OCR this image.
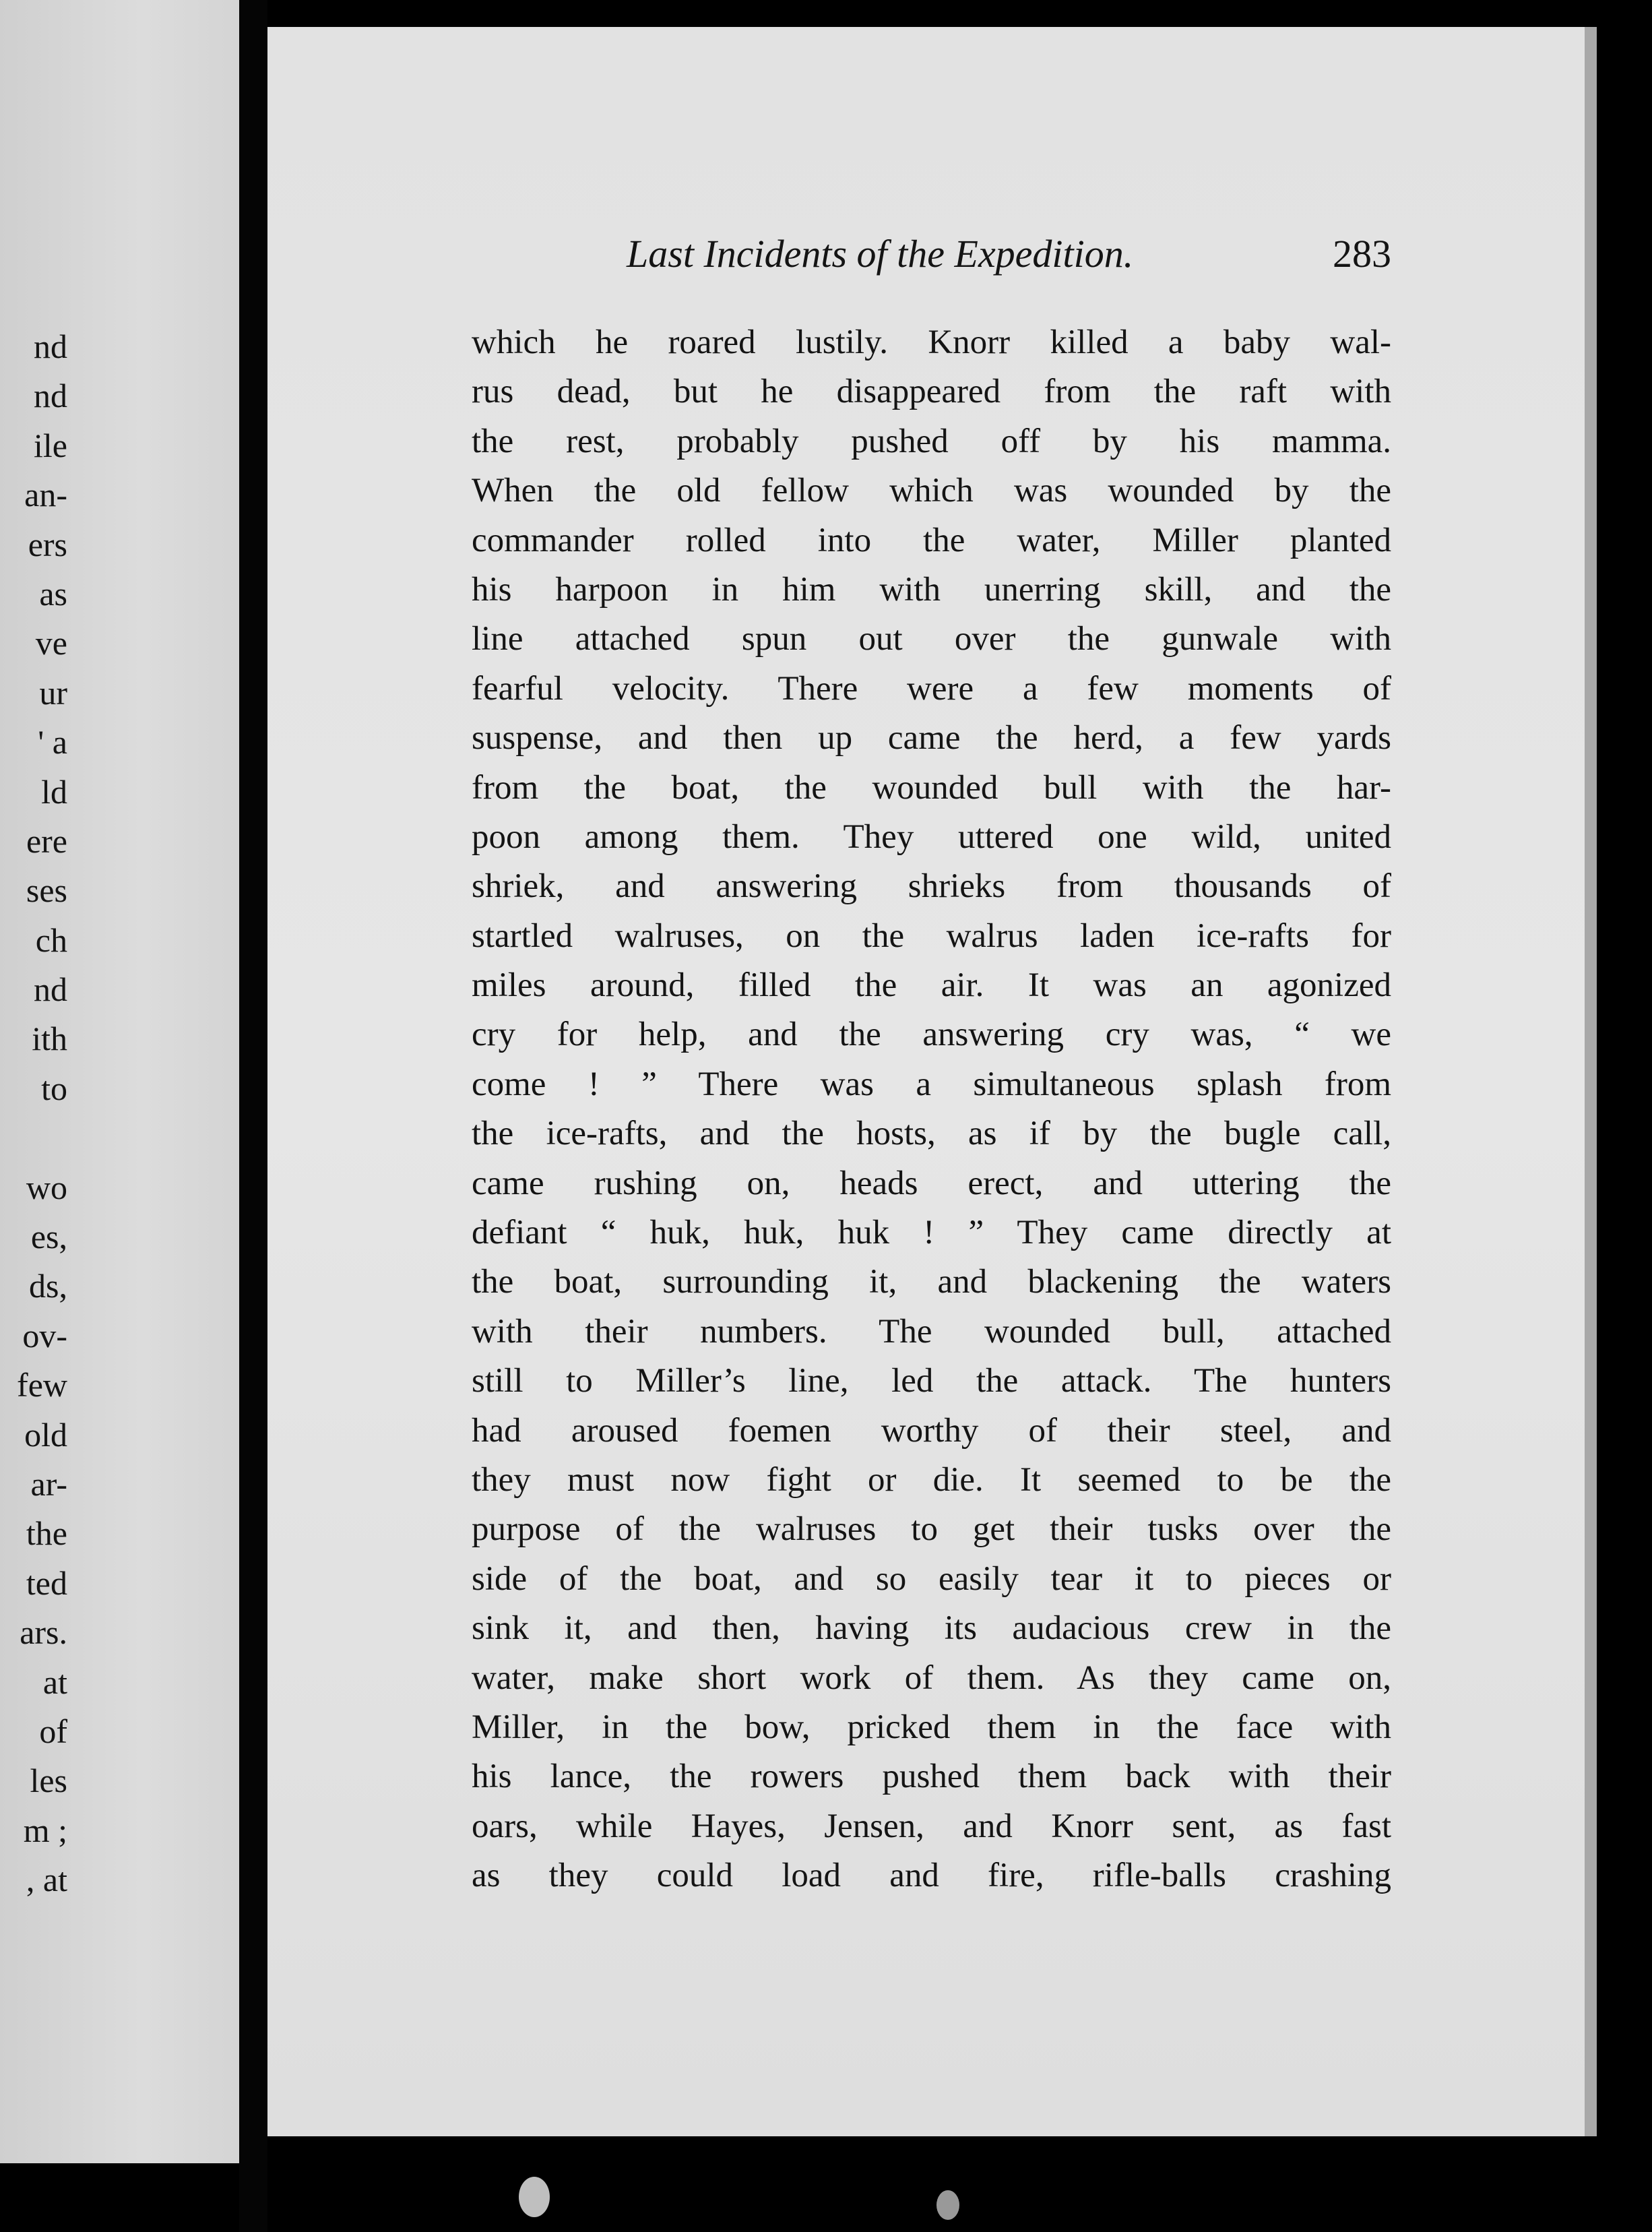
nd
nd
ile
an-
ers
as
ve
ur
' a
ld
ere
ses
ch
nd
ith
to
wo
es,
ds,
ov-
few
old
ar-
the
ted
ars.
at
of
les
m ;
, at
Last Incidents of the Expedition.	283
which he roared lustily. Knorr killed a baby wal-
rus dead, but he disappeared from the raft with
the rest, probably pushed off by his mamma.
When the old fellow which was wounded by the
commander rolled into the water, Miller planted
his harpoon in him with unerring skill, and the
line attached spun out over the gunwale with
fearful velocity. There were a few moments of
suspense, and then up came the herd, a few yards
from the boat, the wounded bull with the har-
poon among them. They uttered one wild, united
shriek, and answering shrieks from thousands of
startled walruses, on the walrus laden ice-rafts for
miles around, filled the air. It was an agonized
cry for help, and the answering cry was, “ we
come ! ” There was a simultaneous splash from
the ice-rafts, and the hosts, as if by the bugle call,
came rushing on, heads erect, and uttering the
defiant “ huk, huk, huk ! ” They came directly at
the boat, surrounding it, and blackening the waters
with their numbers. The wounded bull, attached
still to Miller’s line, led the attack. The hunters
had aroused foemen worthy of their steel, and
they must now fight or die. It seemed to be the
purpose of the walruses to get their tusks over the
side of the boat, and so easily tear it to pieces or
sink it, and then, having its audacious crew in the
water, make short work of them. As they came on,
Miller, in the bow, pricked them in the face with
his lance, the rowers pushed them back with their
oars, while Hayes, Jensen, and Knorr sent, as fast
as they could load and fire, rifle-balls crashing
